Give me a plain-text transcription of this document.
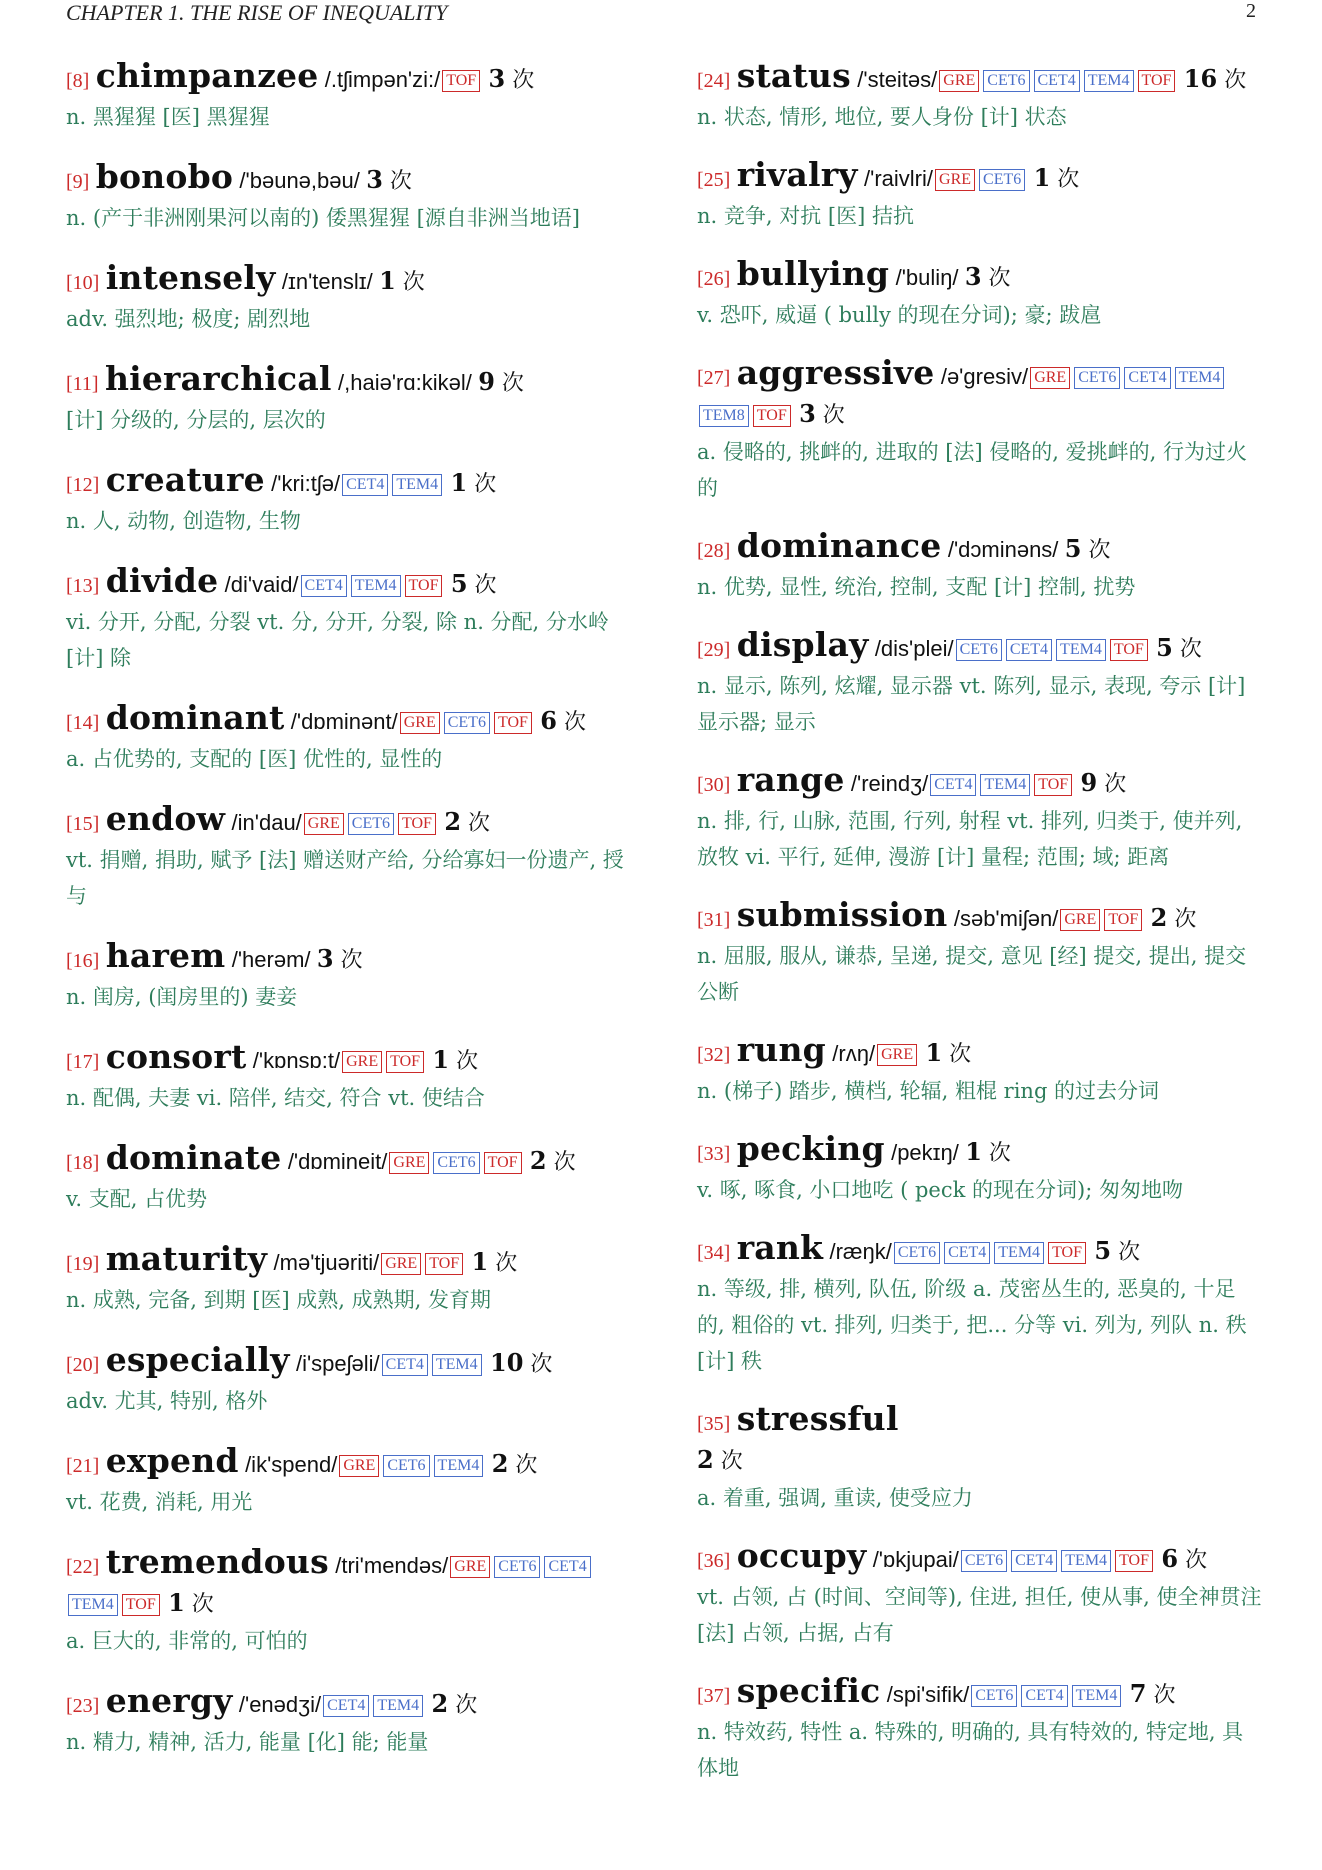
CHAPTER 1. THE RISE OF INEQUALITY	2
[8] chimpanzee /.tʃimpən'zi:/ TOF 3 次
n. 黑猩猩 [医] 黑猩猩
[9] bonobo /'bəunə,bəu/ 3 次
n. (产于非洲刚果河以南的) 倭黑猩猩 [源自非洲当地语]
[10] intensely /ɪn'tenslɪ/ 1 次
adv. 强烈地; 极度; 剧烈地
[11] hierarchical /,haiə'rɑ:kikəl/ 9 次
[计] 分级的, 分层的, 层次的
[12] creature /'kri:tʃə/ CET4 TEM4 1 次
n. 人, 动物, 创造物, 生物
[13] divide /di'vaid/ CET4 TEM4 TOF 5 次
vi. 分开, 分配, 分裂 vt. 分, 分开, 分裂, 除 n. 分配, 分水岭 [计] 除
[14] dominant /'dɒminənt/ GRE CET6 TOF 6 次
a. 占优势的, 支配的 [医] 优性的, 显性的
[15] endow /in'dau/ GRE CET6 TOF 2 次
vt. 捐赠, 捐助, 赋予 [法] 赠送财产给, 分给寡妇一份遗产, 授与
[16] harem /'herəm/ 3 次
n. 闺房, (闺房里的) 妻妾
[17] consort /'kɒnsɒ:t/ GRE TOF 1 次
n. 配偶, 夫妻 vi. 陪伴, 结交, 符合 vt. 使结合
[18] dominate /'dɒmineit/ GRE CET6 TOF 2 次
v. 支配, 占优势
[19] maturity /mə'tjuəriti/ GRE TOF 1 次
n. 成熟, 完备, 到期 [医] 成熟, 成熟期, 发育期
[20] especially /i'speʃəli/ CET4 TEM4 10 次
adv. 尤其, 特别, 格外
[21] expend /ik'spend/ GRE CET6 TEM4 2 次
vt. 花费, 消耗, 用光
[22] tremendous /tri'mendəs/ GRE CET6 CET4TEM4 TOF 1 次
a. 巨大的, 非常的, 可怕的
[23] energy /'enədʒi/ CET4 TEM4 2 次
n. 精力, 精神, 活力, 能量 [化] 能; 能量
[24] status /'steitəs/ GRE CET6 CET4 TEM4 TOF 16 次
n. 状态, 情形, 地位, 要人身份 [计] 状态
[25] rivalry /'raivlri/ GRE CET6 1 次
n. 竞争, 对抗 [医] 拮抗
[26] bullying /'buliŋ/ 3 次
v. 恐吓, 威逼 ( bully 的现在分词); 豪; 跋扈
[27] aggressive /ə'gresiv/ GRE CET6 CET4 TEM4TEM8 TOF 3 次
a. 侵略的, 挑衅的, 进取的 [法] 侵略的, 爱挑衅的, 行为过火的
[28] dominance /'dɔminəns/ 5 次
n. 优势, 显性, 统治, 控制, 支配 [计] 控制, 扰势
[29] display /dis'plei/ CET6 CET4 TEM4 TOF 5 次
n. 显示, 陈列, 炫耀, 显示器 vt. 陈列, 显示, 表现, 夸示 [计] 显示器; 显示
[30] range /'reindʒ/ CET4 TEM4 TOF 9 次
n. 排, 行, 山脉, 范围, 行列, 射程 vt. 排列, 归类于, 使并列, 放牧 vi. 平行, 延伸, 漫游 [计] 量程; 范围; 域; 距离
[31] submission /səb'miʃən/ GRE TOF 2 次
n. 屈服, 服从, 谦恭, 呈递, 提交, 意见 [经] 提交, 提出, 提交公断
[32] rung /rʌŋ/ GRE 1 次
n. (梯子) 踏步, 横档, 轮辐, 粗棍 ring 的过去分词
[33] pecking /pekɪŋ/ 1 次
v. 啄, 啄食, 小口地吃 ( peck 的现在分词); 匆匆地吻
[34] rank /ræŋk/ CET6 CET4 TEM4 TOF 5 次
n. 等级, 排, 横列, 队伍, 阶级 a. 茂密丛生的, 恶臭的, 十足的, 粗俗的 vt. 排列, 归类于, 把... 分等 vi. 列为, 列队 n. 秩 [计] 秩
[35] stressful
2 次
a. 着重, 强调, 重读, 使受应力
[36] occupy /'ɒkjupai/ CET6 CET4 TEM4 TOF 6 次
vt. 占领, 占 (时间、空间等), 住进, 担任, 使从事, 使全神贯注 [法] 占领, 占据, 占有
[37] specific /spi'sifik/ CET6 CET4 TEM4 7 次
n. 特效药, 特性 a. 特殊的, 明确的, 具有特效的, 特定地, 具体地
